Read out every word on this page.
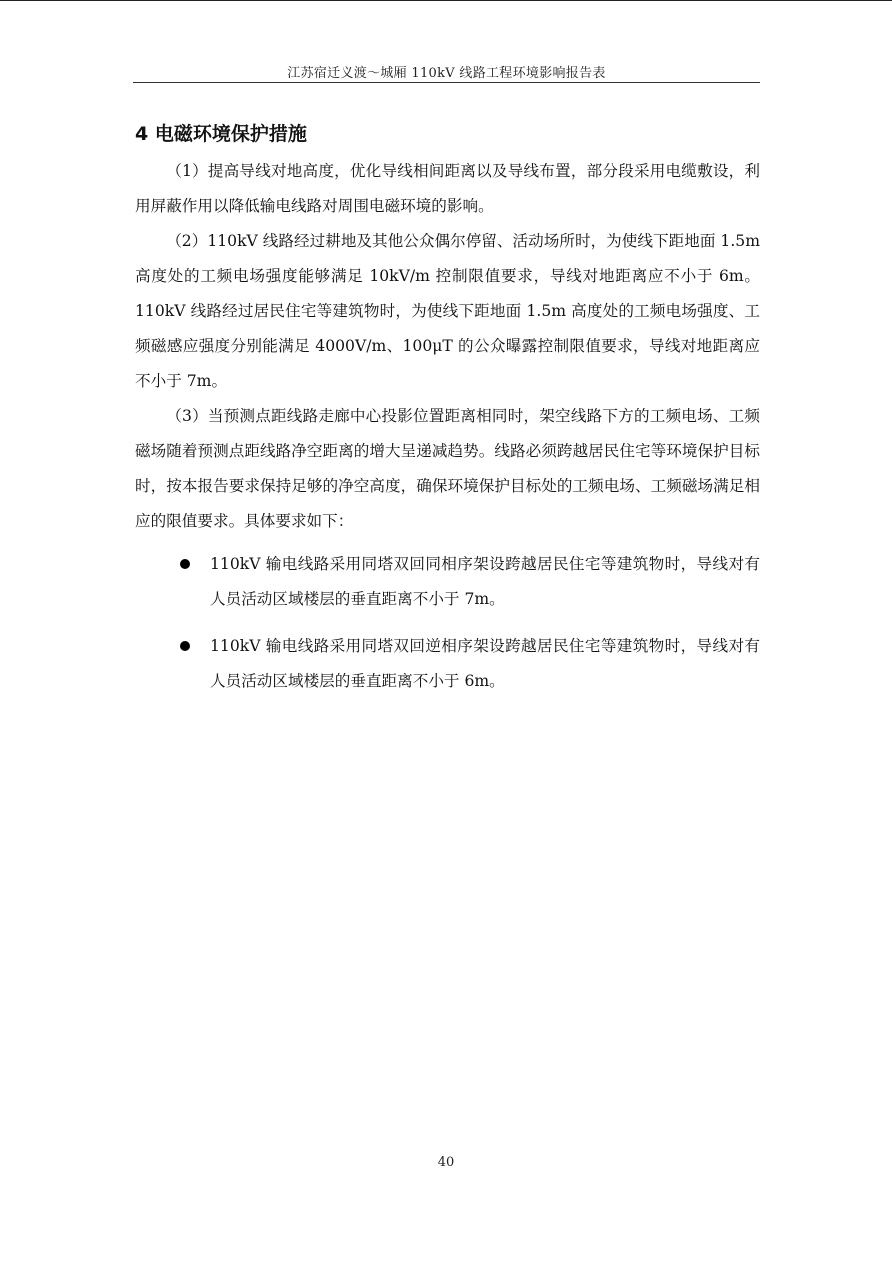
江苏宿迁义渡～城厢 110kV 线路工程环境影响报告表
4 电磁环境保护措施

（1）提高导线对地高度，优化导线相间距离以及导线布置，部分段采用电缆敷设，利用屏蔽作用以降低输电线路对周围电磁环境的影响。

（2）110kV 线路经过耕地及其他公众偶尔停留、活动场所时，为使线下距地面 1.5m 高度处的工频电场强度能够满足 10kV/m 控制限值要求，导线对地距离应不小于 6m。110kV 线路经过居民住宅等建筑物时，为使线下距地面 1.5m 高度处的工频电场强度、工频磁感应强度分别能满足 4000V/m、100μT 的公众曝露控制限值要求，导线对地距离应不小于 7m。

（3）当预测点距线路走廊中心投影位置距离相同时，架空线路下方的工频电场、工频磁场随着预测点距线路净空距离的增大呈递减趋势。线路必须跨越居民住宅等环境保护目标时，按本报告要求保持足够的净空高度，确保环境保护目标处的工频电场、工频磁场满足相应的限值要求。具体要求如下：

110kV 输电线路采用同塔双回同相序架设跨越居民住宅等建筑物时，导线对有人员活动区域楼层的垂直距离不小于 7m。
110kV 输电线路采用同塔双回逆相序架设跨越居民住宅等建筑物时，导线对有人员活动区域楼层的垂直距离不小于 6m。
40
